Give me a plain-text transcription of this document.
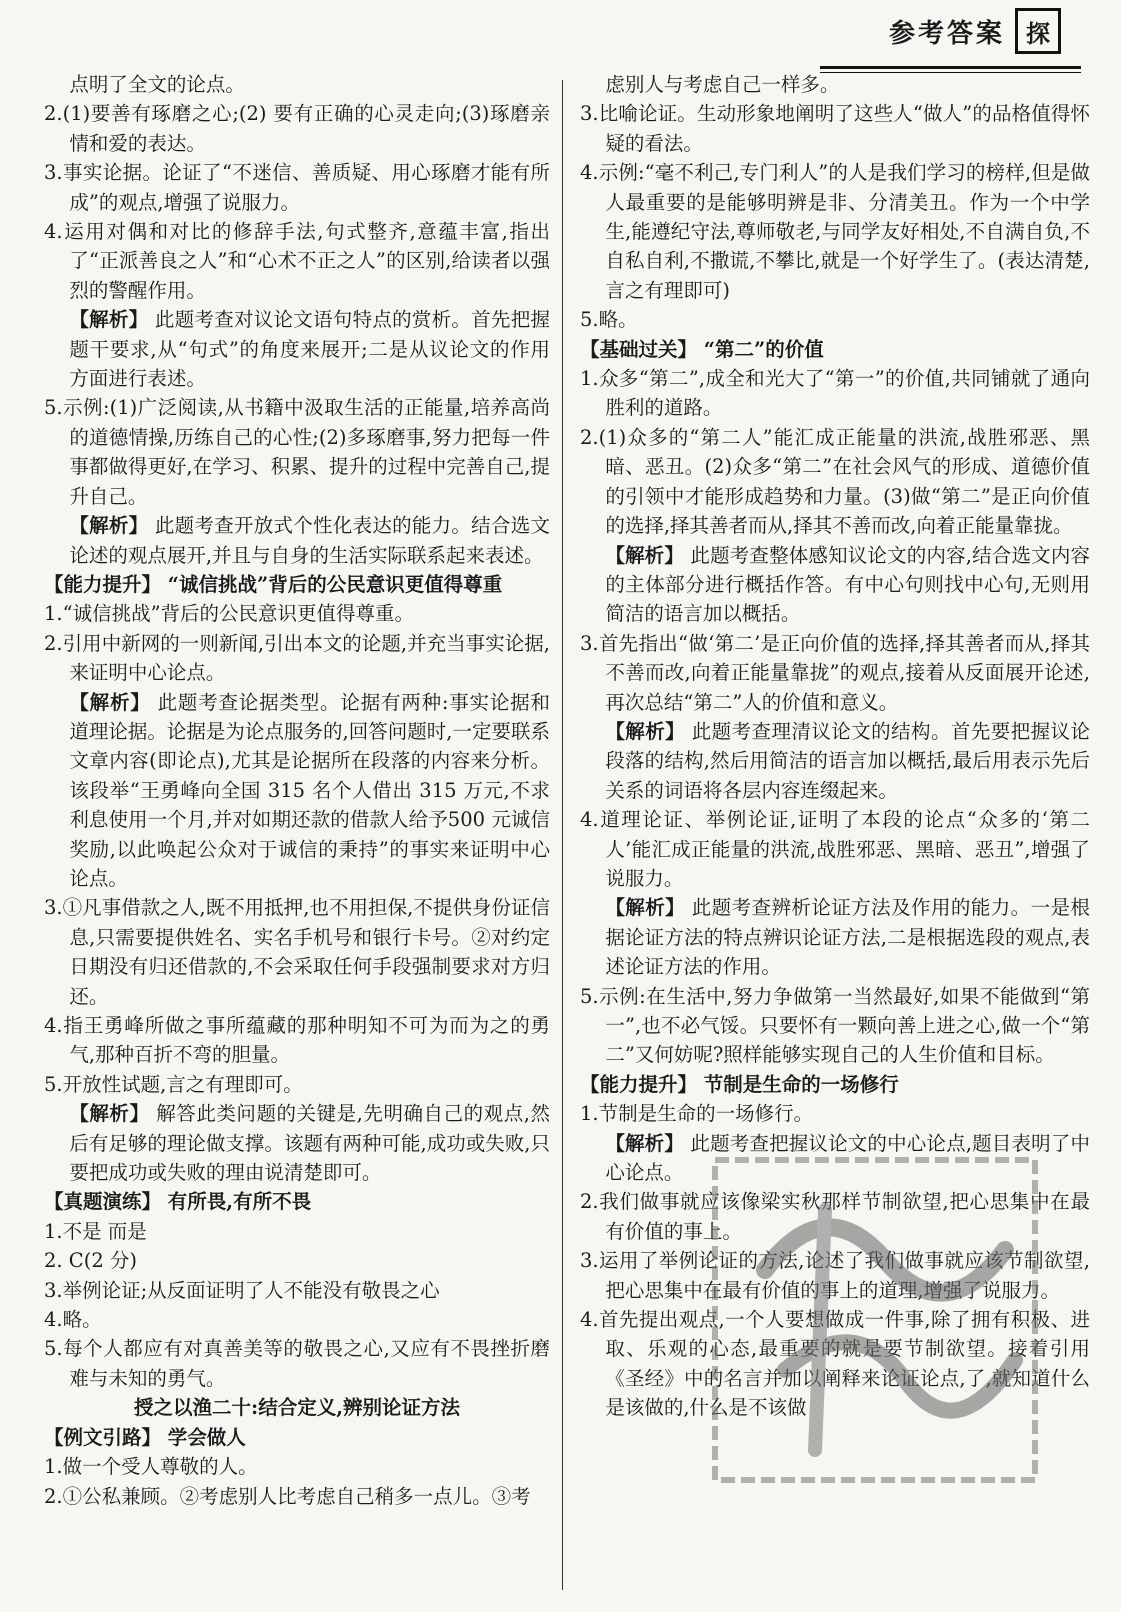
参考答案 探

点明了全文的论点。

2.(1)要善有琢磨之心;(2) 要有正确的心灵走向;(3)琢磨亲情和爱的表达。

3.事实论据。论证了“不迷信、善质疑、用心琢磨才能有所成”的观点,增强了说服力。

4.运用对偶和对比的修辞手法,句式整齐,意蕴丰富,指出了“正派善良之人”和“心术不正之人”的区别,给读者以强烈的警醒作用。

【解析】 此题考查对议论文语句特点的赏析。首先把握题干要求,从“句式”的角度来展开;二是从议论文的作用方面进行表述。

5.示例:(1)广泛阅读,从书籍中汲取生活的正能量,培养高尚的道德情操,历练自己的心性;(2)多琢磨事,努力把每一件事都做得更好,在学习、积累、提升的过程中完善自己,提升自己。

【解析】 此题考查开放式个性化表达的能力。结合选文论述的观点展开,并且与自身的生活实际联系起来表述。

【能力提升】 “诚信挑战”背后的公民意识更值得尊重

1.“诚信挑战”背后的公民意识更值得尊重。

2.引用中新网的一则新闻,引出本文的论题,并充当事实论据,来证明中心论点。

【解析】 此题考查论据类型。论据有两种:事实论据和道理论据。论据是为论点服务的,回答问题时,一定要联系文章内容(即论点),尤其是论据所在段落的内容来分析。该段举“王勇峰向全国 315 名个人借出 315 万元,不求利息使用一个月,并对如期还款的借款人给予500 元诚信奖励,以此唤起公众对于诚信的秉持”的事实来证明中心论点。

3.①凡事借款之人,既不用抵押,也不用担保,不提供身份证信息,只需要提供姓名、实名手机号和银行卡号。②对约定日期没有归还借款的,不会采取任何手段强制要求对方归还。

4.指王勇峰所做之事所蕴藏的那种明知不可为而为之的勇气,那种百折不弯的胆量。

5.开放性试题,言之有理即可。

【解析】 解答此类问题的关键是,先明确自己的观点,然后有足够的理论做支撑。该题有两种可能,成功或失败,只要把成功或失败的理由说清楚即可。

【真题演练】 有所畏,有所不畏

1.不是 而是

2. C(2 分)

3.举例论证;从反面证明了人不能没有敬畏之心

4.略。

5.每个人都应有对真善美等的敬畏之心,又应有不畏挫折磨难与未知的勇气。

授之以渔二十:结合定义,辨别论证方法

【例文引路】 学会做人

1.做一个受人尊敬的人。

2.①公私兼顾。②考虑别人比考虑自己稍多一点儿。③考

虑别人与考虑自己一样多。

3.比喻论证。生动形象地阐明了这些人“做人”的品格值得怀疑的看法。

4.示例:“毫不利己,专门利人”的人是我们学习的榜样,但是做人最重要的是能够明辨是非、分清美丑。作为一个中学生,能遵纪守法,尊师敬老,与同学友好相处,不自满自负,不自私自利,不撒谎,不攀比,就是一个好学生了。(表达清楚,言之有理即可)

5.略。

【基础过关】 “第二”的价值

1.众多“第二”,成全和光大了“第一”的价值,共同铺就了通向胜利的道路。

2.(1)众多的“第二人”能汇成正能量的洪流,战胜邪恶、黑暗、恶丑。(2)众多“第二”在社会风气的形成、道德价值的引领中才能形成趋势和力量。(3)做“第二”是正向价值的选择,择其善者而从,择其不善而改,向着正能量靠拢。

【解析】 此题考查整体感知议论文的内容,结合选文内容的主体部分进行概括作答。有中心句则找中心句,无则用简洁的语言加以概括。

3.首先指出“做‘第二’是正向价值的选择,择其善者而从,择其不善而改,向着正能量靠拢”的观点,接着从反面展开论述,再次总结“第二”人的价值和意义。

【解析】 此题考查理清议论文的结构。首先要把握议论段落的结构,然后用简洁的语言加以概括,最后用表示先后关系的词语将各层内容连缀起来。

4.道理论证、举例论证,证明了本段的论点“众多的‘第二人’能汇成正能量的洪流,战胜邪恶、黑暗、恶丑”,增强了说服力。

【解析】 此题考查辨析论证方法及作用的能力。一是根据论证方法的特点辨识论证方法,二是根据选段的观点,表述论证方法的作用。

5.示例:在生活中,努力争做第一当然最好,如果不能做到“第一”,也不必气馁。只要怀有一颗向善上进之心,做一个“第二”又何妨呢?照样能够实现自己的人生价值和目标。

【能力提升】 节制是生命的一场修行

1.节制是生命的一场修行。

【解析】 此题考查把握议论文的中心论点,题目表明了中心论点。

2.我们做事就应该像梁实秋那样节制欲望,把心思集中在最有价值的事上。

3.运用了举例论证的方法,论述了我们做事就应该节制欲望,把心思集中在最有价值的事上的道理,增强了说服力。

4.首先提出观点,一个人要想做成一件事,除了拥有积极、进取、乐观的心态,最重要的就是要节制欲望。接着引用《圣经》中的名言并加以阐释来论证论点,了,就知道什么是该做的,什么是不该做
